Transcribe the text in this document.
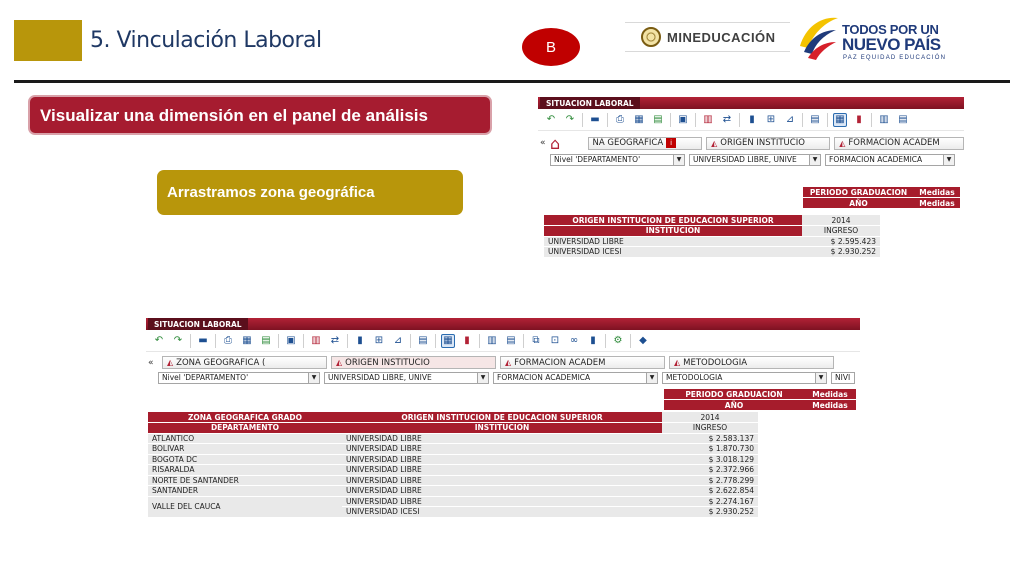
5. Vinculación Laboral	B
MINEDUCACIÓN	TODOS POR UN
NUEVO PAÍS
PAZ EQUIDAD EDUCACIÓN
Visualizar una dimensión en el panel de análisis
Arrastramos zona geográfica
SITUACION LABORAL
↶ ↷ ▬	⎙	▦ ▤ ▣ ▥ ⇄	▮	⊞ ⊿ ▤ ▦	▮	▥ ▤
« ⌂	NA GEOGRAFICA	i	◭ ORIGEN INSTITUCIO	◭ FORMACION ACADEM
Nivel 'DEPARTAMENTO'	▼	UNIVERSIDAD LIBRE, UNIVE	▼	FORMACION ACADEMICA	▼
PERIODO GRADUACION	Medidas
AÑO	Medidas
ORIGEN INSTITUCION DE EDUCACION SUPERIOR	2014
INSTITUCION	INGRESO
UNIVERSIDAD LIBRE	$ 2.595.423
UNIVERSIDAD ICESI	$ 2.930.252
SITUACION LABORAL
↶ ↷ ▬	⎙	▦ ▤ ▣ ▥ ⇄	▮	⊞ ⊿ ▤ ▦	▮	▥ ▤	⧉	⊡ ∞	▮	⚙	◆
«	◭ ZONA GEOGRAFICA (	◭ ORIGEN INSTITUCIO	◭ FORMACION ACADEM	◭ METODOLOGIA
Nivel 'DEPARTAMENTO'	▼	UNIVERSIDAD LIBRE, UNIVE	▼	FORMACION ACADEMICA	▼	METODOLOGIA	▼	NIVI
PERIODO GRADUACION	Medidas
AÑO	Medidas
ZONA GEOGRAFICA GRADO	ORIGEN INSTITUCION DE EDUCACION SUPERIOR	2014
DEPARTAMENTO	INSTITUCION	INGRESO
ATLANTICO	UNIVERSIDAD LIBRE	$ 2.583.137
BOLIVAR	UNIVERSIDAD LIBRE	$ 1.870.730
BOGOTA DC	UNIVERSIDAD LIBRE	$ 3.018.129
RISARALDA	UNIVERSIDAD LIBRE	$ 2.372.966
NORTE DE SANTANDER	UNIVERSIDAD LIBRE	$ 2.778.299
SANTANDER	UNIVERSIDAD LIBRE	$ 2.622.854
VALLE DEL CAUCA	UNIVERSIDAD LIBRE	$ 2.274.167
	UNIVERSIDAD ICESI	$ 2.930.252
